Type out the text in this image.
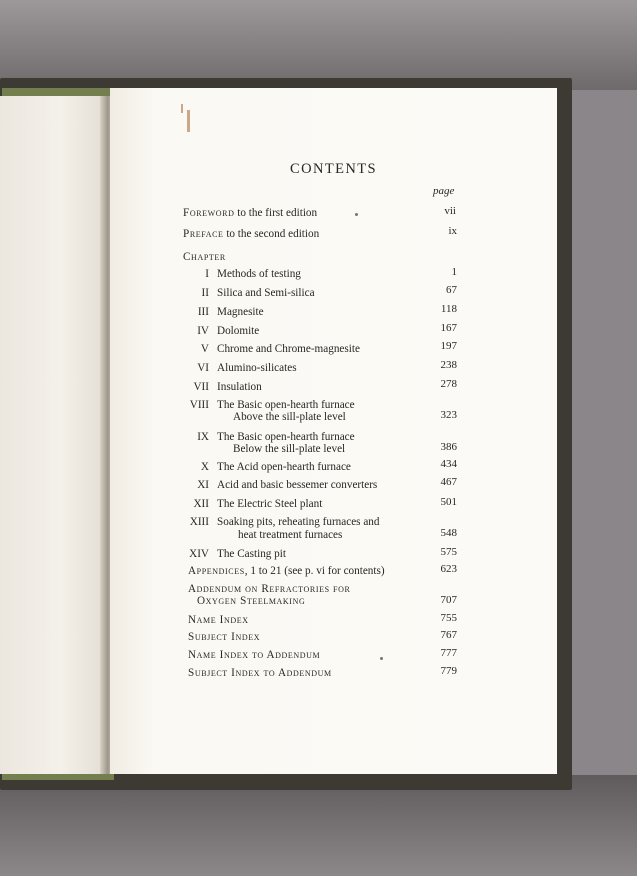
CONTENTS
page
Foreword to the first edition	vii
Preface to the second edition	ix
Chapter
I Methods of testing	1
II Silica and Semi-silica	67
III Magnesite	118
IV Dolomite	167
V Chrome and Chrome-magnesite	197
VI Alumino-silicates	238
VII Insulation	278
VIII The Basic open-hearth furnace
Above the sill-plate level	323
IX The Basic open-hearth furnace
Below the sill-plate level	386
X The Acid open-hearth furnace	434
XI Acid and basic bessemer converters	467
XII The Electric Steel plant	501
XIII Soaking pits, reheating furnaces and
heat treatment furnaces	548
XIV The Casting pit	575
Appendices, 1 to 21 (see p. vi for contents)	623
Addendum on Refractories for
Oxygen Steelmaking	707
Name Index	755
Subject Index	767
Name Index to Addendum	777
Subject Index to Addendum	779
